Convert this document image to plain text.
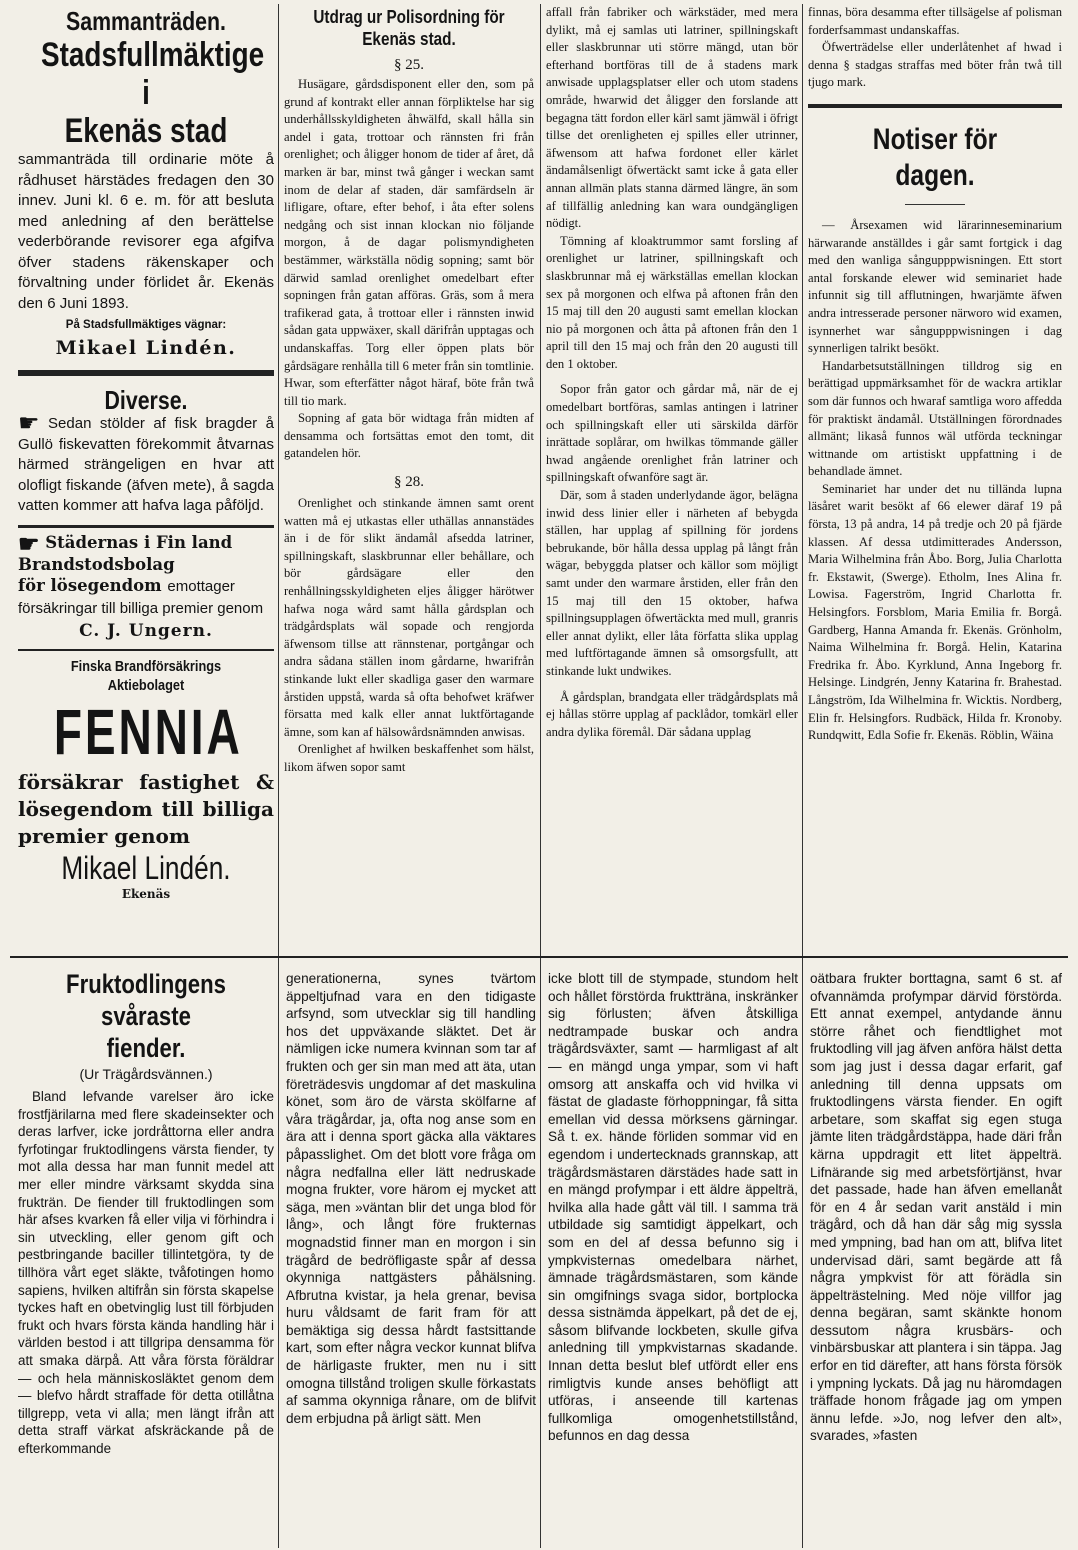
Sammanträden.
Stadsfullmäktige i
Ekenäs stad

sammanträda till ordinarie möte å rådhuset härstädes fredagen den 30 innev. Juni kl. 6 e. m. för att besluta med anledning af den berättelse vederbörande revisorer ega afgifva öfver stadens räkenskaper och förvaltning under förlidet år. Ekenäs den 6 Juni 1893.

På Stadsfullmäktiges vägnar:
Mikael Lindén.
Diverse.

☛ Sedan stölder af fisk bragder å Gullö fiskevatten förekommit åtvarnas härmed strängeligen en hvar att olofligt fiskande (äfven mete), å sagda vatten kommer att hafva laga påföljd.

☛ Städernas i Fin land Brandstodsbolag
för lösegendom emottager försäkringar till billiga premier genom

C. J. Ungern.
Finska Brandförsäkrings
Aktiebolaget
FENNIA

försäkrar fastighet & lösegendom till billiga premier genom

Mikael Lindén.
Ekenäs
Utdrag ur Polisordning för
Ekenäs stad.
§ 25.

Husägare, gårdsdisponent eller den, som på grund af kontrakt eller annan förpliktelse har sig underhållsskyldigheten åhwälfd, skall hålla sin andel i gata, trottoar och rännsten fri från orenlighet; och åligger honom de tider af året, då marken är bar, minst twå gånger i weckan samt inom de delar af staden, där samfärdseln är lifligare, oftare, efter behof, i åta efter solens nedgång och sist innan klockan nio följande morgon, å de dagar polismyndigheten bestämmer, wärkställa nödig sopning; samt bör därwid samlad orenlighet omedelbart efter sopningen från gatan afföras. Gräs, som å mera trafikerad gata, å trottoar eller i rännsten inwid sådan gata uppwäxer, skall därifrån upptagas och undanskaffas. Torg eller öppen plats bör gårdsägare renhålla till 6 meter från sin tomtlinie. Hwar, som efterfätter något häraf, böte från twå till tio mark.

Sopning af gata bör widtaga från midten af densamma och fortsättas emot den tomt, dit gatandelen hör.

§ 28.

Orenlighet och stinkande ämnen samt orent watten må ej utkastas eller uthällas annanstädes än i de för slikt ändamål afsedda latriner, spillningskaft, slaskbrunnar eller behållare, och bör gårdsägare eller den renhållningsskyldigheten eljes åligger härötwer hafwa noga wård samt hålla gårdsplan och trädgårdsplats wäl sopade och rengjorda äfwensom tillse att rännstenar, portgångar och andra sådana ställen inom gårdarne, hwarifrån stinkande lukt eller skadliga gaser den warmare årstiden uppstå, warda så ofta behofwet kräfwer försatta med kalk eller annat luktförtagande ämne, som kan af hälsowårdsnämnden anwisas.

Orenlighet af hwilken beskaffenhet som hälst, likom äfwen sopor samt

affall från fabriker och wärkstäder, med mera dylikt, må ej samlas uti latriner, spillningskaft eller slaskbrunnar uti större mängd, utan bör efterhand bortföras till de å stadens mark anwisade upplagsplatser eller och utom stadens område, hwarwid det åligger den forslande att begagna tätt fordon eller kärl samt jämwäl i öfrigt tillse det orenligheten ej spilles eller utrinner, äfwensom att hafwa fordonet eller kärlet ändamålsenligt öfwertäckt samt icke å gata eller annan allmän plats stanna därmed längre, än som af tillfällig anledning kan wara oundgängligen nödigt.

Tömning af kloaktrummor samt forsling af orenlighet ur latriner, spillningskaft och slaskbrunnar må ej wärkställas emellan klockan sex på morgonen och elfwa på aftonen från den 15 maj till den 20 augusti samt emellan klockan nio på morgonen och åtta på aftonen från den 1 april till den 15 maj och från den 20 augusti till den 1 oktober.

Sopor från gator och gårdar må, när de ej omedelbart bortföras, samlas antingen i latriner och spillningskaft eller uti särskilda därför inrättade soplårar, om hwilkas tömmande gäller hwad angående orenlighet från latriner och spillningskaft ofwanföre sagt är.

Där, som å staden underlydande ägor, belägna inwid dess linier eller i närheten af bebygda ställen, har upplag af spillning för jordens bebrukande, bör hålla dessa upplag på långt från wägar, bebyggda platser och källor som möjligt samt under den warmare årstiden, eller från den 15 maj till den 15 oktober, hafwa spillningsupplagen öfwertäckta med mull, granris eller annat dylikt, eller låta författa slika upplag med luftförtagande ämnen så omsorgsfullt, att stinkande lukt undwikes.

Å gårdsplan, brandgata eller trädgårdsplats må ej hållas större upplag af packlådor, tomkärl eller andra dylika föremål. Där sådana upplag

finnas, böra desamma efter tillsägelse af polisman forderfsammast undanskaffas.

Öfwerträdelse eller underlåtenhet af hwad i denna § stadgas straffas med böter från twå till tjugo mark.

Notiser för dagen.

— Årsexamen wid lärarinneseminarium härwarande anställdes i går samt fortgick i dag med den wanliga sångupppwisningen. Ett stort antal forskande elewer wid seminariet hade infunnit sig till afflutningen, hwarjämte äfwen andra intresserade personer närworo wid examen, isynnerhet war sångupppwisningen i dag synnerligen talrikt besökt.

Handarbetsutställningen tilldrog sig en berättigad uppmärksamhet för de wackra artiklar som där funnos och hwaraf samtliga woro affedda för praktiskt ändamål. Utställningen förordnades allmänt; likaså funnos wäl utförda teckningar wittnande om artistiskt uppfattning i de behandlade ämnet.

Seminariet har under det nu tillända lupna läsåret warit besökt af 66 elewer däraf 19 på första, 13 på andra, 14 på tredje och 20 på fjärde klassen. Af dessa utdimitterades Andersson, Maria Wilhelmina från Åbo. Borg, Julia Charlotta fr. Ekstawit, (Swerge). Etholm, Ines Alina fr. Lowisa. Fagerström, Ingrid Charlotta fr. Helsingfors. Forsblom, Maria Emilia fr. Borgå. Gardberg, Hanna Amanda fr. Ekenäs. Grönholm, Naima Wilhelmina fr. Borgå. Helin, Katarina Fredrika fr. Åbo. Kyrklund, Anna Ingeborg fr. Helsinge. Lindgrén, Jenny Katarina fr. Brahestad. Långström, Ida Wilhelmina fr. Wicktis. Nordberg, Elin fr. Helsingfors. Rudbäck, Hilda fr. Kronoby. Rundqwitt, Edla Sofie fr. Ekenäs. Röblin, Wäina

Fruktodlingens svåraste
fiender.
(Ur Trägårdsvännen.)

Bland lefvande varelser äro icke frostfjärilarna med flere skadeinsekter och deras larfver, icke jordråttorna eller andra fyrfotingar fruktodlingens värsta fiender, ty mot alla dessa har man funnit medel att mer eller mindre värksamt skydda sina frukträn. De fiender till fruktodlingen som här afses kvarken få eller vilja vi förhindra i sin utveckling, eller genom gift och pestbringande baciller tillintetgöra, ty de tillhöra vårt eget släkte, tvåfotingen homo sapiens, hvilken altifrån sin första skapelse tyckes haft en obetvinglig lust till förbjuden frukt och hvars första kända handling här i världen bestod i att tillgripa densamma för att smaka därpå. Att våra första föräldrar — och hela människosläktet genom dem — blefvo hårdt straffade för detta otillåtna tillgrepp, veta vi alla; men längt ifrån att detta straff värkat afskräckande på de efterkommande

generationerna, synes tvärtom äppeltjufnad vara en den tidigaste arfsynd, som utvecklar sig till handling hos det uppväxande släktet. Det är nämligen icke numera kvinnan som tar af frukten och ger sin man med att äta, utan företrädesvis ungdomar af det maskulina könet, som äro de värsta skölfarne af våra trägårdar, ja, ofta nog anse som en ära att i denna sport gäcka alla väktares påpasslighet. Om det blott vore fråga om några nedfallna eller lätt nedruskade mogna frukter, vore härom ej mycket att säga, men »väntan blir det unga blod för lång», och långt före frukternas mognadstid finner man en morgon i sin trägård de bedröfligaste spår af dessa okynniga nattgästers påhälsning. Afbrutna kvistar, ja hela grenar, bevisa huru våldsamt de farit fram för att bemäktiga sig dessa hårdt fastsittande kart, som efter några veckor kunnat blifva de härligaste frukter, men nu i sitt omogna tillstånd troligen skulle förkastats af samma okynniga rånare, om de blifvit dem erbjudna på ärligt sätt. Men

icke blott till de stympade, stundom helt och hållet förstörda frukttränа, inskränker sig förlusten; äfven åtskilliga nedtrampade buskar och andra trägårdsväxter, samt — harmligast af alt — en mängd unga ympar, som vi haft omsorg att anskaffa och vid hvilka vi fästat de gladaste förhoppningar, få sitta emellan vid dessa mörksens gärningar. Så t. ex. hände förliden sommar vid en egendom i undertecknads grannskap, att trägårdsmästaren därstädes hade satt in en mängd profympar i ett äldre äppelträ, hvilka alla hade gått väl till. I samma trä utbildade sig samtidigt äppelkart, och som en del af dessa befunno sig i ympkvisternas omedelbara närhet, ämnade trägårdsmästaren, som kände sin omgifnings svaga sidor, bortplocka dessa sistnämda äppelkart, på det de ej, såsom blifvande lockbeten, skulle gifva anledning till ympkvistarnas skadande. Innan detta beslut blef utfördt eller ens rimligtvis kunde anses behöfligt att utföras, i anseende till kartenas fullkomliga omogenhetstillstånd, befunnos en dag dessa

oätbara frukter borttagna, samt 6 st. af ofvannämda profympar därvid förstörda. Ett annat exempel, antydande ännu större råhet och fiendtlighet mot fruktodling vill jag äfven anföra hälst detta som jag just i dessa dagar erfarit, gaf anledning till denna uppsats om fruktodlingens värsta fiender. En ogift arbetare, som skaffat sig egen stuga jämte liten trädgårdstäppa, hade däri från kärna uppdragit ett litet äppelträ. Lifnärande sig med arbetsförtjänst, hvar det passade, hade han äfven emellanåt för en 4 år sedan varit anstäld i min trägård, och då han där såg mig syssla med ympning, bad han om att, blifva litet undervisad däri, samt begärde att få några ympkvist för att förädla sin äppelträstelning. Med nöje villfor jag denna begäran, samt skänkte honom dessutom några krusbärs- och vinbärsbuskar att plantera i sin täppa. Jag erfor en tid därefter, att hans första försök i ympning lyckats. Då jag nu häromdagen träffade honom frågade jag om ympen ännu lefde. »Jo, nog lefver den alt», svarades, »fasten
